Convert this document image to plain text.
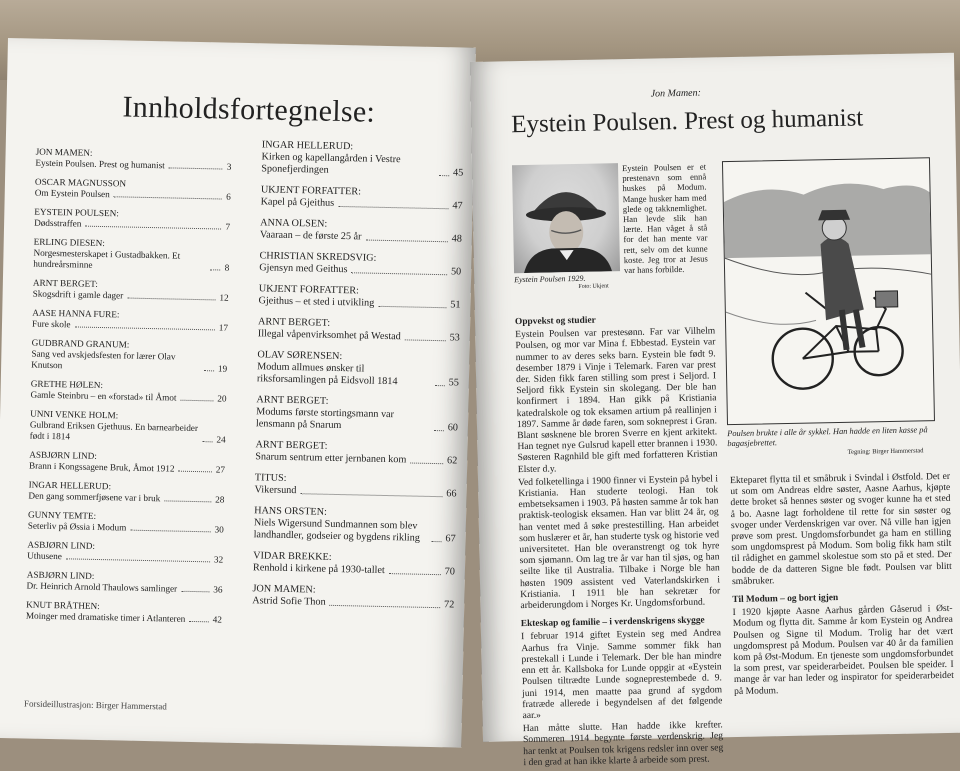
Innholdsfortegnelse:
JON MAMEN:
Eystein Poulsen. Prest og humanist	3
OSCAR MAGNUSSON
Om Eystein Poulsen	6
EYSTEIN POULSEN:
Dødsstraffen	7
ERLING DIESEN:
Norgesmesterskapet i Gustadbakken. Et hundreårsminne	8
ARNT BERGET:
Skogsdrift i gamle dager	12
AASE HANNA FURE:
Fure skole	17
GUDBRAND GRANUM:
Sang ved avskjedsfesten for lærer Olav Knutson	19
GRETHE HØLEN:
Gamle Steinbru – en «forstad» til Åmot	20
UNNI VENKE HOLM:
Gulbrand Eriksen Gjethuus. En barnearbeider født i 1814	24
ASBJØRN LIND:
Brann i Kongssagene Bruk, Åmot 1912	27
INGAR HELLERUD:
Den gang sommerfjøsene var i bruk	28
GUNNY TEMTE:
Seterliv på Øssia i Modum	30
ASBJØRN LIND:
Uthusene	32
ASBJØRN LIND:
Dr. Heinrich Arnold Thaulows samlinger	36
KNUT BRÅTHEN:
Moinger med dramatiske timer i Atlanteren	42
INGAR HELLERUD:
Kirken og kapellangården i Vestre Sponefjerdingen	45
UKJENT FORFATTER:
Kapel på Gjeithus	47
ANNA OLSEN:
Vaaraan – de første 25 år	48
CHRISTIAN SKREDSVIG:
Gjensyn med Geithus	50
UKJENT FORFATTER:
Gjeithus – et sted i utvikling	51
ARNT BERGET:
Illegal våpenvirksomhet på Westad	53
OLAV SØRENSEN:
Modum allmues ønsker til riksforsamlingen på Eidsvoll 1814	55
ARNT BERGET:
Modums første stortingsmann var lensmann på Snarum	60
ARNT BERGET:
Snarum sentrum etter jernbanen kom	62
TITUS:
Vikersund	66
HANS ORSTEN:
Niels Wigersund Sundmannen som blev landhandler, godseier og bygdens rikling	67
VIDAR BREKKE:
Renhold i kirkene på 1930-tallet	70
JON MAMEN:
Astrid Sofie Thon	72
Forsideillustrasjon: Birger Hammerstad
Jon Mamen:
Eystein Poulsen. Prest og humanist
Eystein Poulsen 1929.
Foto: Ukjent
Eystein Poulsen er et prestenavn som ennå huskes på Modum. Mange husker ham med glede og takknemlighet. Han levde slik han lærte. Han våget å stå for det han mente var rett, selv om det kunne koste. Jeg tror at Jesus var hans forbilde.
Poulsen brukte i alle år sykkel. Han hadde en liten kasse på bagasjebrettet.
Tegning: Birger Hammerstad
Oppvekst og studier

Eystein Poulsen var prestesønn. Far var Vilhelm Poulsen, og mor var Mina f. Ebbestad. Eystein var nummer to av deres seks barn. Eystein ble født 9. desember 1879 i Vinje i Telemark. Faren var prest der. Siden fikk faren stilling som prest i Seljord. I Seljord fikk Eystein sin skolegang. Der ble han konfirmert i 1894. Han gikk på Kristiania katedralskole og tok eksamen artium på reallinjen i 1897. Samme år døde faren, som sokneprest i Gran. Blant søsknene ble broren Sverre en kjent arkitekt. Han tegnet nye Gulsrud kapell etter brannen i 1930. Søsteren Ragnhild ble gift med forfatteren Kristian Elster d.y.

Ved folketellinga i 1900 finner vi Eystein på hybel i Kristiania. Han studerte teologi. Han tok embetseksamen i 1903. På høsten samme år tok han praktisk-teologisk eksamen. Han var blitt 24 år, og han ventet med å søke prestestilling. Han arbeidet som huslærer et år, han studerte tysk og historie ved universitetet. Han ble overanstrengt og tok hyre som sjømann. Om lag tre år var han til sjøs, og han seilte like til Australia. Tilbake i Norge ble han høsten 1909 assistent ved Vaterlandskirken i Kristiania. I 1911 ble han sekretær for arbeiderungdom i Norges Kr. Ungdomsforbund.

Ekteskap og familie – i verdenskrigens skygge

I februar 1914 giftet Eystein seg med Andrea Aarhus fra Vinje. Samme sommer fikk han prestekall i Lunde i Telemark. Der ble han mindre enn ett år. Kallsboka for Lunde oppgir at «Eystein Poulsen tiltrædte Lunde sogneprestembede d. 9. juni 1914, men maatte paa grund af sygdom fratræde allerede i begyndelsen af det følgende aar.»

Han måtte slutte. Han hadde ikke krefter. Sommeren 1914 begynte første verdenskrig. Jeg har tenkt at Poulsen tok krigens redsler inn over seg i den grad at han ikke klarte å arbeide som prest.

Ekteparet flytta til et småbruk i Svindal i Østfold. Det er ut som om Andreas eldre søster, Aasne Aarhus, kjøpte dette broket så hennes søster og svoger kunne ha et sted å bo. Aasne lagt forholdene til rette for sin søster og svoger under Verdenskrigen var over. Nå ville han igjen prøve som prest. Ungdomsforbundet ga ham en stilling som ungdomsprest på Modum. Som bolig fikk ham stilt til rådighet en gammel skolestue som sto på et sted. Der bodde de da datteren Signe ble født. Poulsen var blitt småbruker.

Til Modum – og bort igjen

I 1920 kjøpte Aasne Aarhus gården Gåserud i Øst-Modum og flytta dit. Samme år kom Eystein og Andrea Poulsen og Signe til Modum. Trolig har det vært ungdomsprest på Modum. Poulsen var 40 år da familien kom på Øst-Modum. En tjeneste som ungdomsforbundet la som prest, var speiderarbeidet. Poulsen ble speider. I mange år var han leder og inspirator for speiderarbeidet på Modum.
